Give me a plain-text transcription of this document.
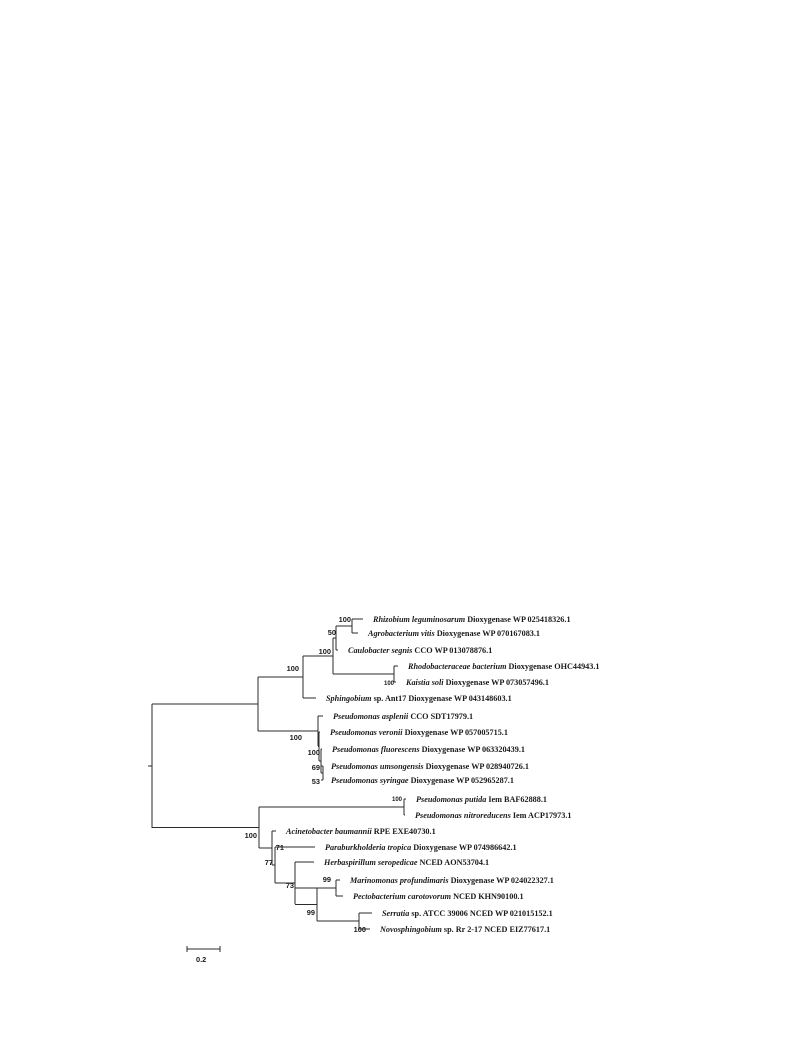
Rhizobium leguminosarum Dioxygenase WP 025418326.1
Agrobacterium vitis Dioxygenase WP 070167083.1
Caulobacter segnis CCO WP 013078876.1
Rhodobacteraceae bacterium Dioxygenase OHC44943.1
Kaistia soli Dioxygenase WP 073057496.1
Sphingobium sp. Ant17 Dioxygenase WP 043148603.1
Pseudomonas asplenii CCO SDT17979.1
Pseudomonas veronii Dioxygenase WP 057005715.1
Pseudomonas fluorescens Dioxygenase WP 063320439.1
Pseudomonas umsongensis Dioxygenase WP 028940726.1
Pseudomonas syringae Dioxygenase WP 052965287.1
Pseudomonas putida Iem BAF62888.1
Pseudomonas nitroreducens Iem ACP17973.1
Acinetobacter baumannii RPE EXE40730.1
Paraburkholderia tropica Dioxygenase WP 074986642.1
Herbaspirillum seropedicae NCED AON53704.1
Marinomonas profundimaris Dioxygenase WP 024022327.1
Pectobacterium carotovorum NCED KHN90100.1
Serratia sp. ATCC 39006 NCED WP 021015152.1
Novosphingobium sp. Rr 2-17 NCED EIZ77617.1
100
50
100
100
100
100
100
69
53
100
100
71
77
73
99
99
100
0.2
